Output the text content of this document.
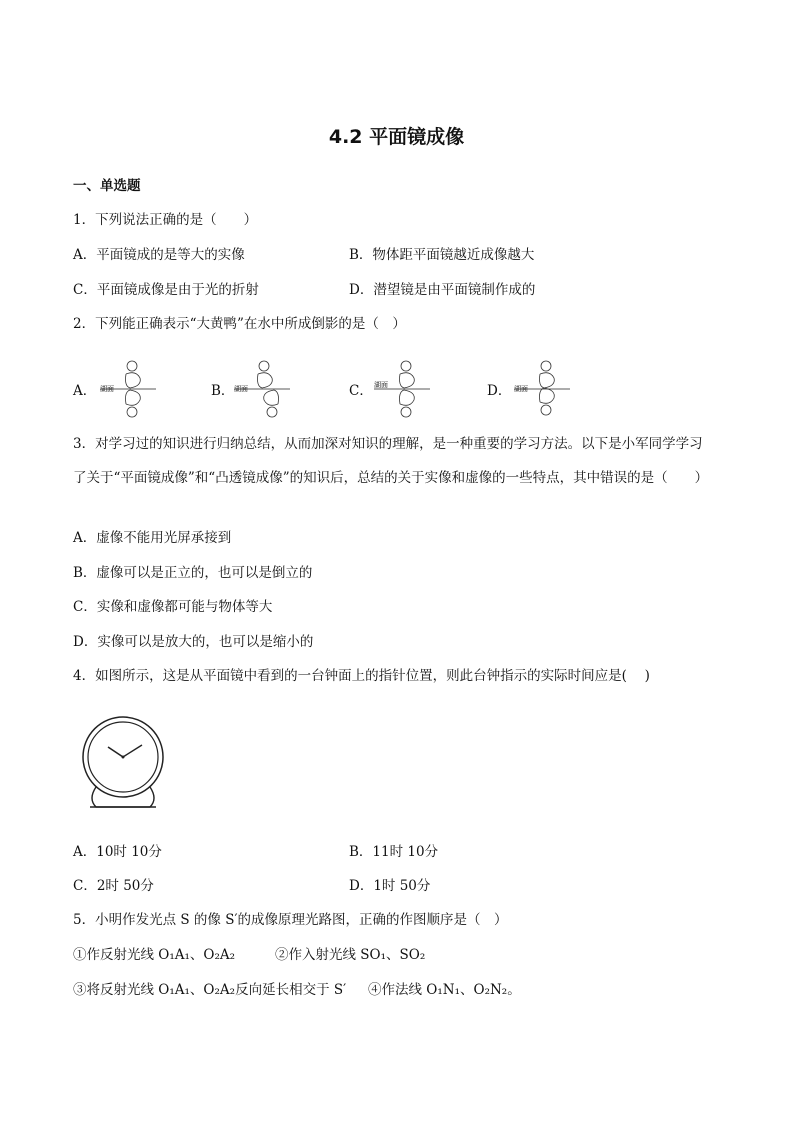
4.2 平面镜成像
一、单选题
1．下列说法正确的是（　　）
A．平面镜成的是等大的实像	B．物体距平面镜越近成像越大
C．平面镜成像是由于光的折射	D．潜望镜是由平面镜制作成的
2．下列能正确表示“大黄鸭”在水中所成倒影的是（　）
A．	B．	C．	D．
湖面	湖面	湖面	湖面
3．对学习过的知识进行归纳总结，从而加深对知识的理解，是一种重要的学习方法。以下是小军同学学习
了关于“平面镜成像”和“凸透镜成像”的知识后，总结的关于实像和虚像的一些特点，其中错误的是（　　）
A．虚像不能用光屏承接到
B．虚像可以是正立的，也可以是倒立的
C．实像和虚像都可能与物体等大
D．实像可以是放大的，也可以是缩小的
4．如图所示，这是从平面镜中看到的一台钟面上的指针位置，则此台钟指示的实际时间应是(　 )
A．10时 10分	B．11时 10分
C．2时 50分	D．1时 50分
5．小明作发光点 S 的像 S′的成像原理光路图，正确的作图顺序是（　）
①作反射光线 O₁A₁、O₂A₂	②作入射光线 SO₁、SO₂
③将反射光线 O₁A₁、O₂A₂反向延长相交于 S′ ④作法线 O₁N₁、O₂N₂。
